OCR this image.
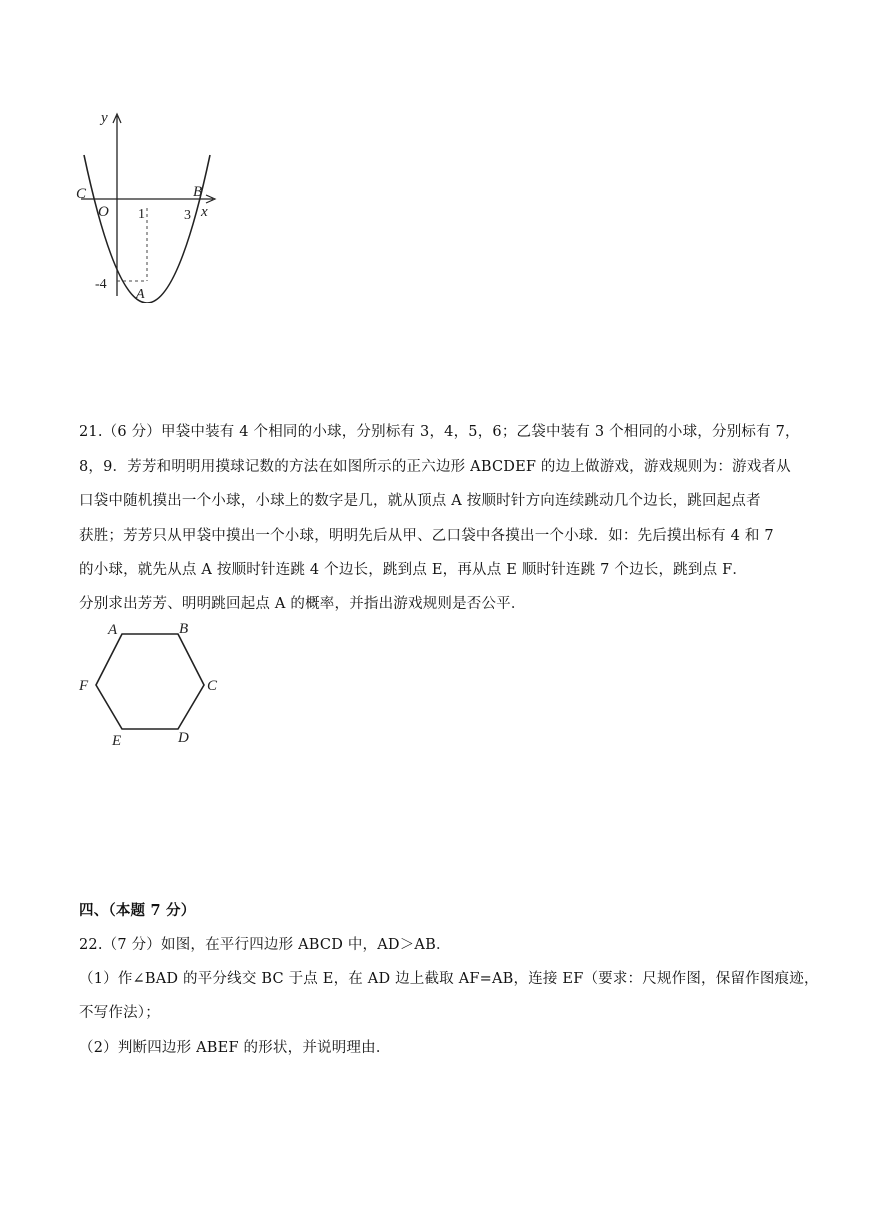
y
x
C
O
B
1	3
-4
A
21.（6 分）甲袋中装有 4 个相同的小球，分别标有 3，4，5，6；乙袋中装有 3 个相同的小球，分别标有 7，
8，9．芳芳和明明用摸球记数的方法在如图所示的正六边形 ABCDEF 的边上做游戏，游戏规则为：游戏者从
口袋中随机摸出一个小球，小球上的数字是几，就从顶点 A 按顺时针方向连续跳动几个边长，跳回起点者
获胜；芳芳只从甲袋中摸出一个小球，明明先后从甲、乙口袋中各摸出一个小球．如：先后摸出标有 4 和 7
的小球，就先从点 A 按顺时针连跳 4 个边长，跳到点 E，再从点 E 顺时针连跳 7 个边长，跳到点 F．
分别求出芳芳、明明跳回起点 A 的概率，并指出游戏规则是否公平．
A	B
C
D
E
F
四、（本题 7 分）
22.（7 分）如图，在平行四边形 ABCD 中，AD＞AB．
（1）作∠BAD 的平分线交 BC 于点 E，在 AD 边上截取 AF=AB，连接 EF（要求：尺规作图，保留作图痕迹，
不写作法）；
（2）判断四边形 ABEF 的形状，并说明理由．
